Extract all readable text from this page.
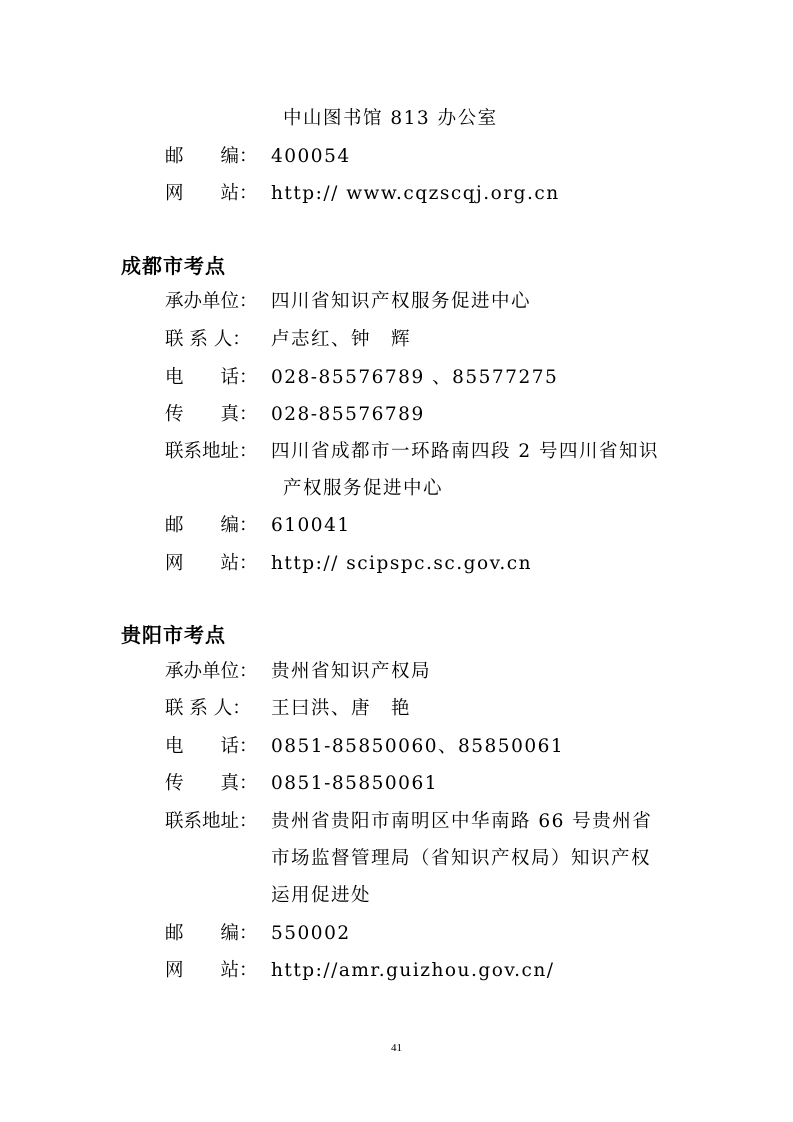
中山图书馆 813 办公室
邮　　编： 400054
网　　站： http:// www.cqzscqj.org.cn
成都市考点
承办单位： 四川省知识产权服务促进中心
联 系 人： 卢志红、钟　辉
电　　话： 028-85576789 、85577275
传　　真： 028-85576789
联系地址： 四川省成都市一环路南四段 2 号四川省知识
产权服务促进中心
邮　　编： 610041
网　　站： http:// scipspc.sc.gov.cn
贵阳市考点
承办单位： 贵州省知识产权局
联 系 人： 王曰洪、唐　艳
电　　话： 0851-85850060、85850061
传　　真： 0851-85850061
联系地址： 贵州省贵阳市南明区中华南路 66 号贵州省
市场监督管理局（省知识产权局）知识产权
运用促进处
邮　　编： 550002
网　　站： http://amr.guizhou.gov.cn/
41
